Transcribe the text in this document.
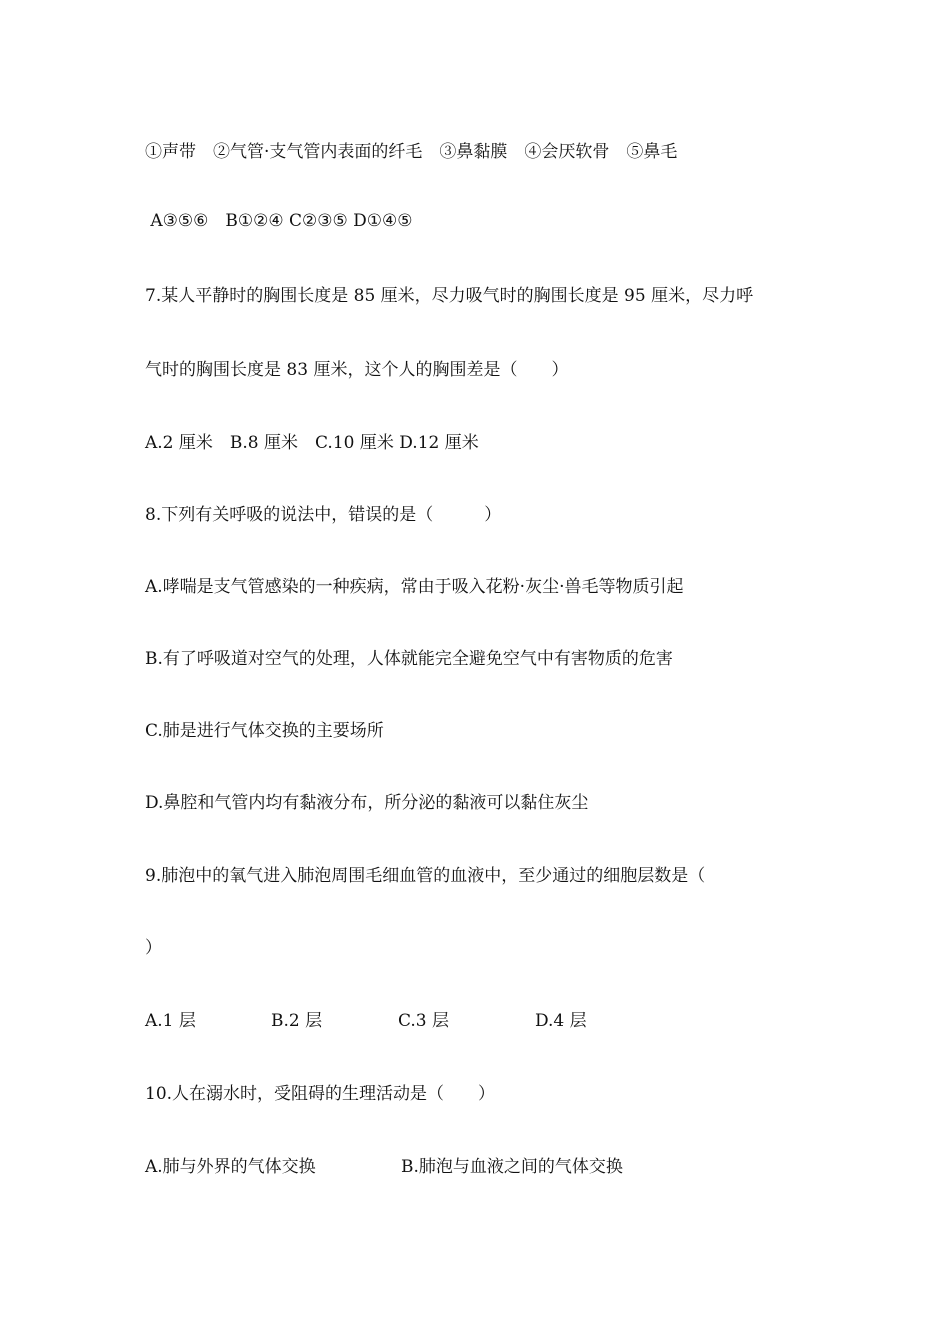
①声带　②气管·支气管内表面的纤毛　③鼻黏膜　④会厌软骨　⑤鼻毛
A③⑤⑥　B①②④ C②③⑤ D①④⑤
7.某人平静时的胸围长度是 85 厘米，尽力吸气时的胸围长度是 95 厘米，尽力呼
气时的胸围长度是 83 厘米，这个人的胸围差是（　　）
A.2 厘米　B.8 厘米　C.10 厘米 D.12 厘米
8.下列有关呼吸的说法中，错误的是（　　　）
A.哮喘是支气管感染的一种疾病，常由于吸入花粉·灰尘·兽毛等物质引起
B.有了呼吸道对空气的处理，人体就能完全避免空气中有害物质的危害
C.肺是进行气体交换的主要场所
D.鼻腔和气管内均有黏液分布，所分泌的黏液可以黏住灰尘
9.肺泡中的氧气进入肺泡周围毛细血管的血液中，至少通过的细胞层数是（
）
A.1 层	B.2 层	C.3 层	D.4 层
10.人在溺水时，受阻碍的生理活动是（　　）
A.肺与外界的气体交换	B.肺泡与血液之间的气体交换
